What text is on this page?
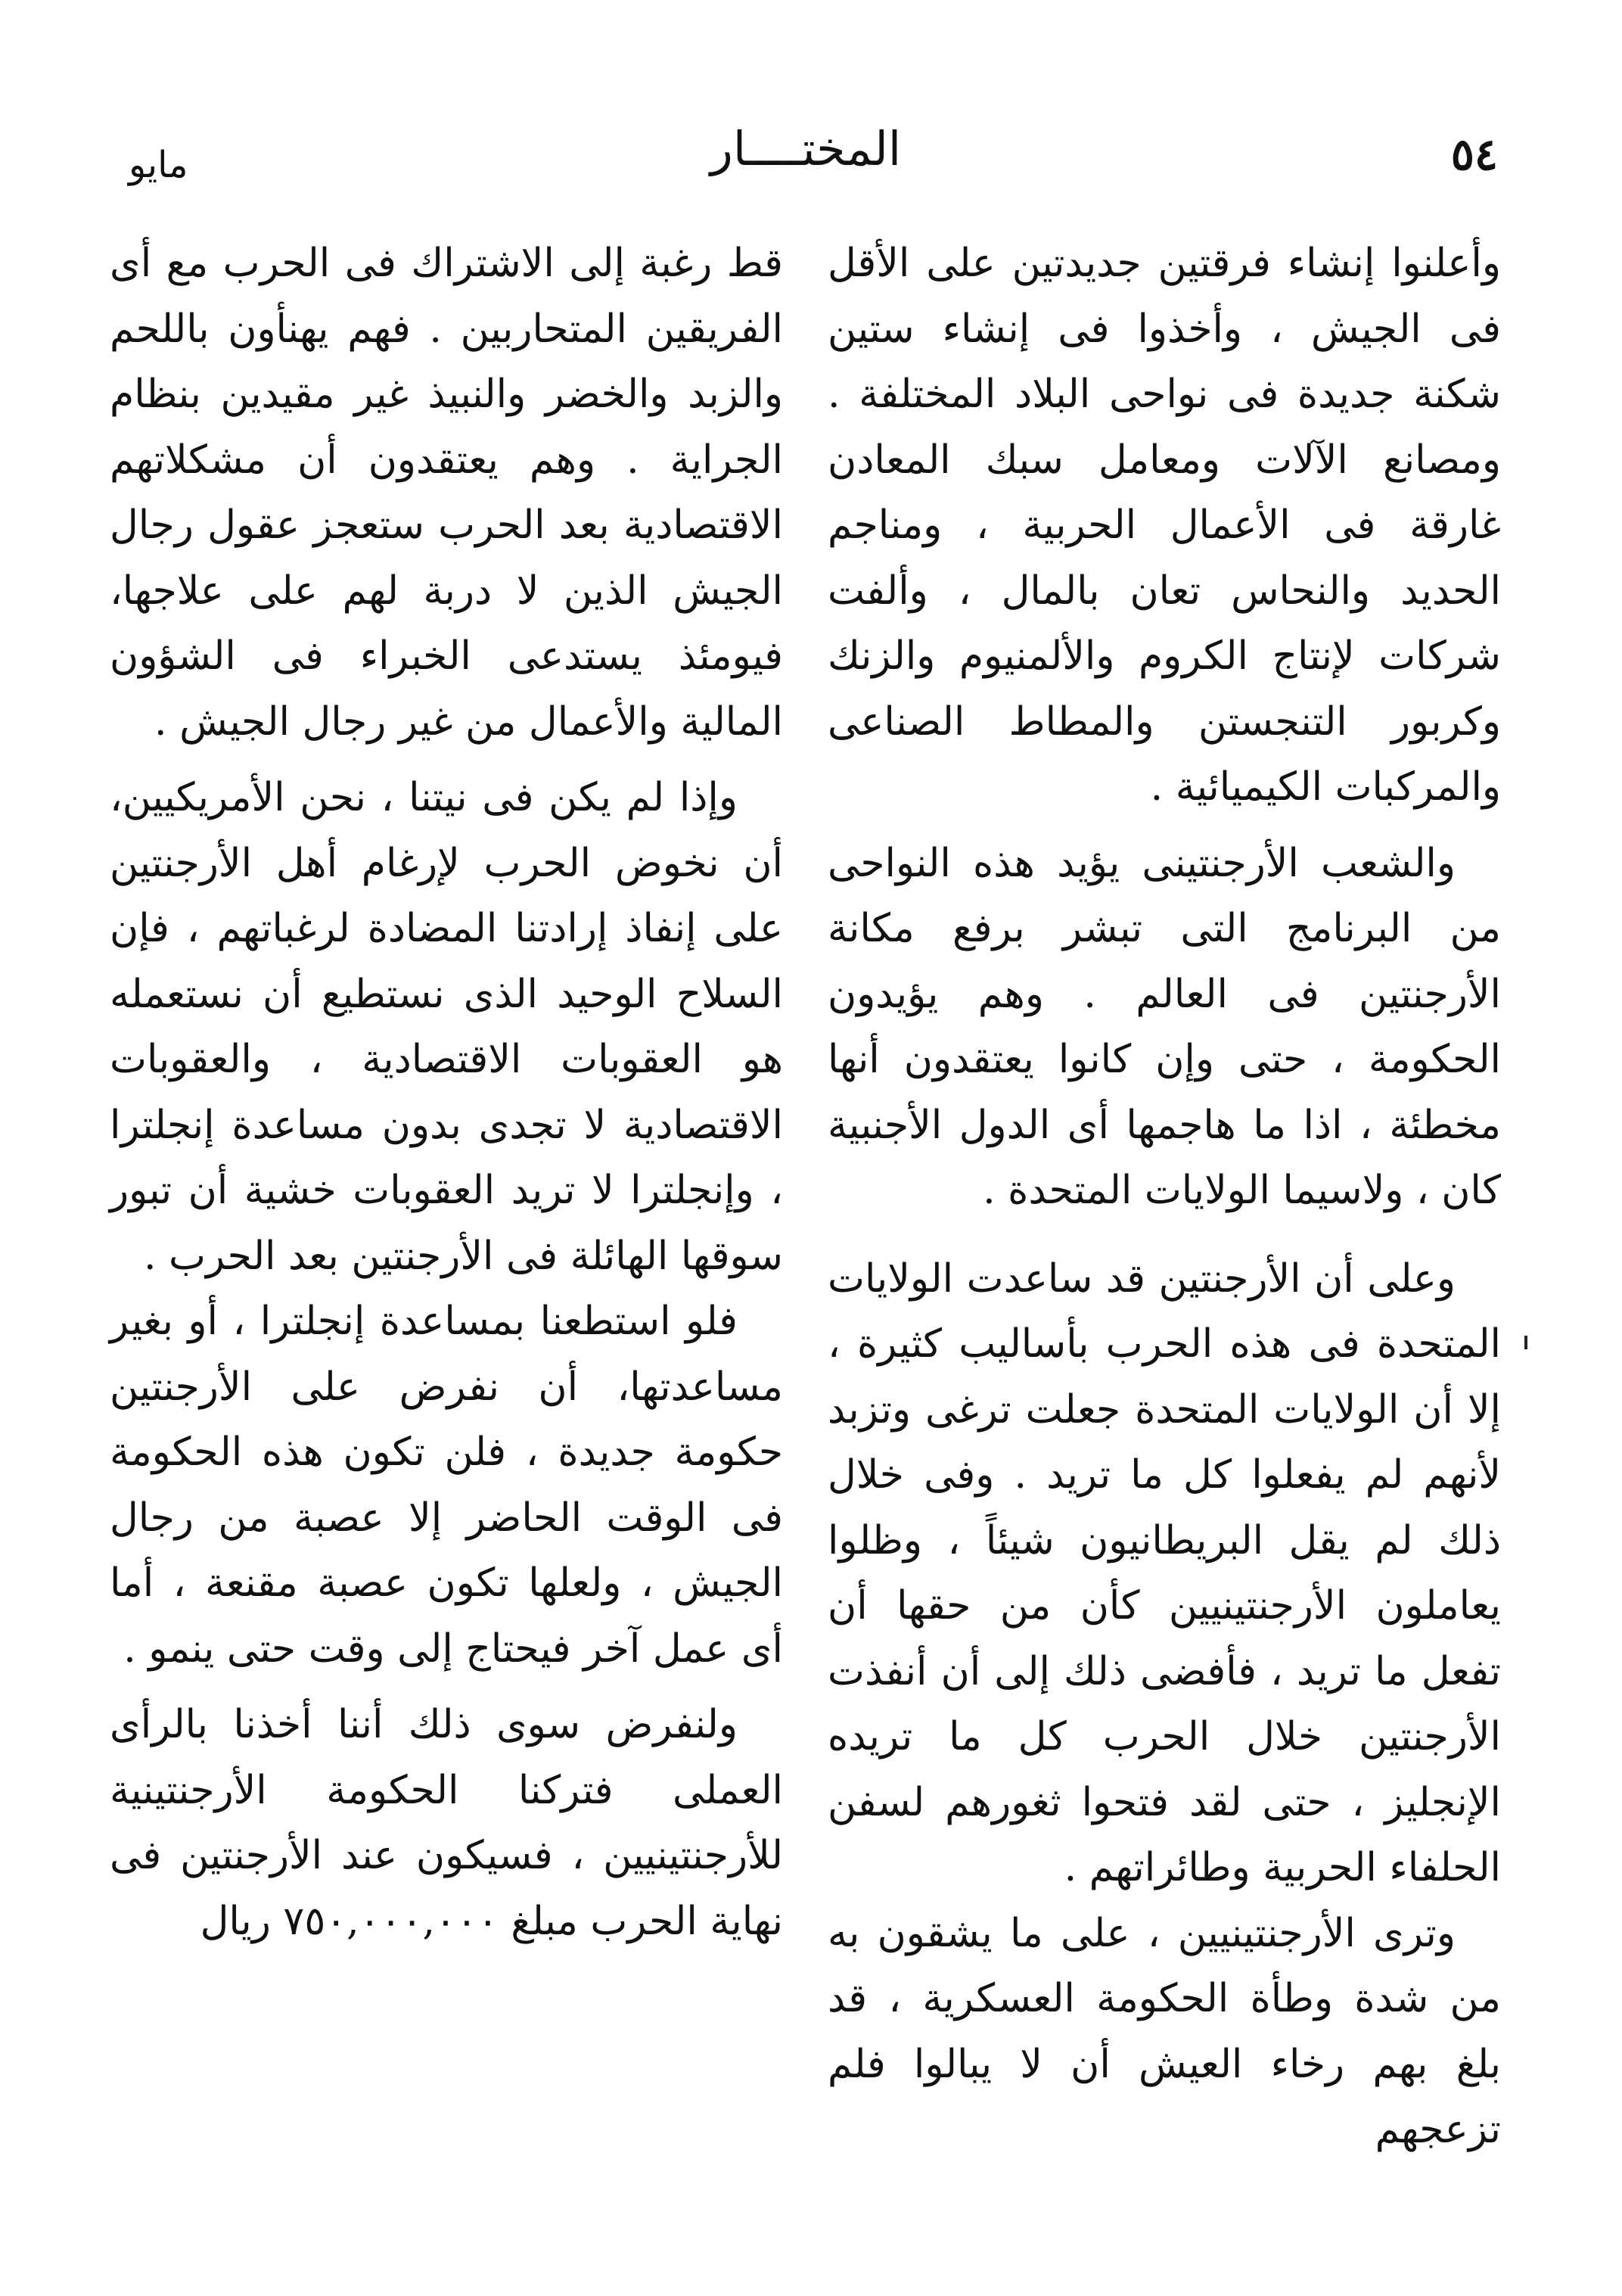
٥٤
المختــــار
مايو

وأعلنوا إنشاء فرقتين جديدتين على الأقل فى الجيش ، وأخذوا فى إنشاء ستين شكنة جديدة فى نواحى البلاد المختلفة . ومصانع الآلات ومعامل سبك المعادن غارقة فى الأعمال الحربية ، ومناجم الحديد والنحاس تعان بالمال ، وألفت شركات لإنتاج الكروم والألمنيوم والزنك وكربور التنجستن والمطاط الصناعى والمركبات الكيميائية .

والشعب الأرجنتينى يؤيد هذه النواحى من البرنامج التى تبشر برفع مكانة الأرجنتين فى العالم . وهم يؤيدون الحكومة ، حتى وإن كانوا يعتقدون أنها مخطئة ، اذا ما هاجمها أى الدول الأجنبية كان ، ولاسيما الولايات المتحدة .

وعلى أن الأرجنتين قد ساعدت الولايات المتحدة فى هذه الحرب بأساليب كثيرة ، إلا أن الولايات المتحدة جعلت ترغى وتزبد لأنهم لم يفعلوا كل ما تريد . وفى خلال ذلك لم يقل البريطانيون شيئاً ، وظلوا يعاملون الأرجنتينيين كأن من حقها أن تفعل ما تريد ، فأفضى ذلك إلى أن أنفذت الأرجنتين خلال الحرب كل ما تريده الإنجليز ، حتى لقد فتحوا ثغورهم لسفن الحلفاء الحربية وطائراتهم .

وترى الأرجنتينيين ، على ما يشقون به من شدة وطأة الحكومة العسكرية ، قد بلغ بهم رخاء العيش أن لا يبالوا فلم تزعجهم

قط رغبة إلى الاشتراك فى الحرب مع أى الفريقين المتحاربين . فهم يهنأون باللحم والزبد والخضر والنبيذ غير مقيدين بنظام الجراية . وهم يعتقدون أن مشكلاتهم الاقتصادية بعد الحرب ستعجز عقول رجال الجيش الذين لا دربة لهم على علاجها، فيومئذ يستدعى الخبراء فى الشؤون المالية والأعمال من غير رجال الجيش .

وإذا لم يكن فى نيتنا ، نحن الأمريكيين، أن نخوض الحرب لإرغام أهل الأرجنتين على إنفاذ إرادتنا المضادة لرغباتهم ، فإن السلاح الوحيد الذى نستطيع أن نستعمله هو العقوبات الاقتصادية ، والعقوبات الاقتصادية لا تجدى بدون مساعدة إنجلترا ، وإنجلترا لا تريد العقوبات خشية أن تبور سوقها الهائلة فى الأرجنتين بعد الحرب .

فلو استطعنا بمساعدة إنجلترا ، أو بغير مساعدتها، أن نفرض على الأرجنتين حكومة جديدة ، فلن تكون هذه الحكومة فى الوقت الحاضر إلا عصبة من رجال الجيش ، ولعلها تكون عصبة مقنعة ، أما أى عمل آخر فيحتاج إلى وقت حتى ينمو .

ولنفرض سوى ذلك أننا أخذنا بالرأى العملى فتركنا الحكومة الأرجنتينية للأرجنتينيين ، فسيكون عند الأرجنتين فى نهاية الحرب مبلغ ٧٥٠,٠٠٠,٠٠٠ ريال
